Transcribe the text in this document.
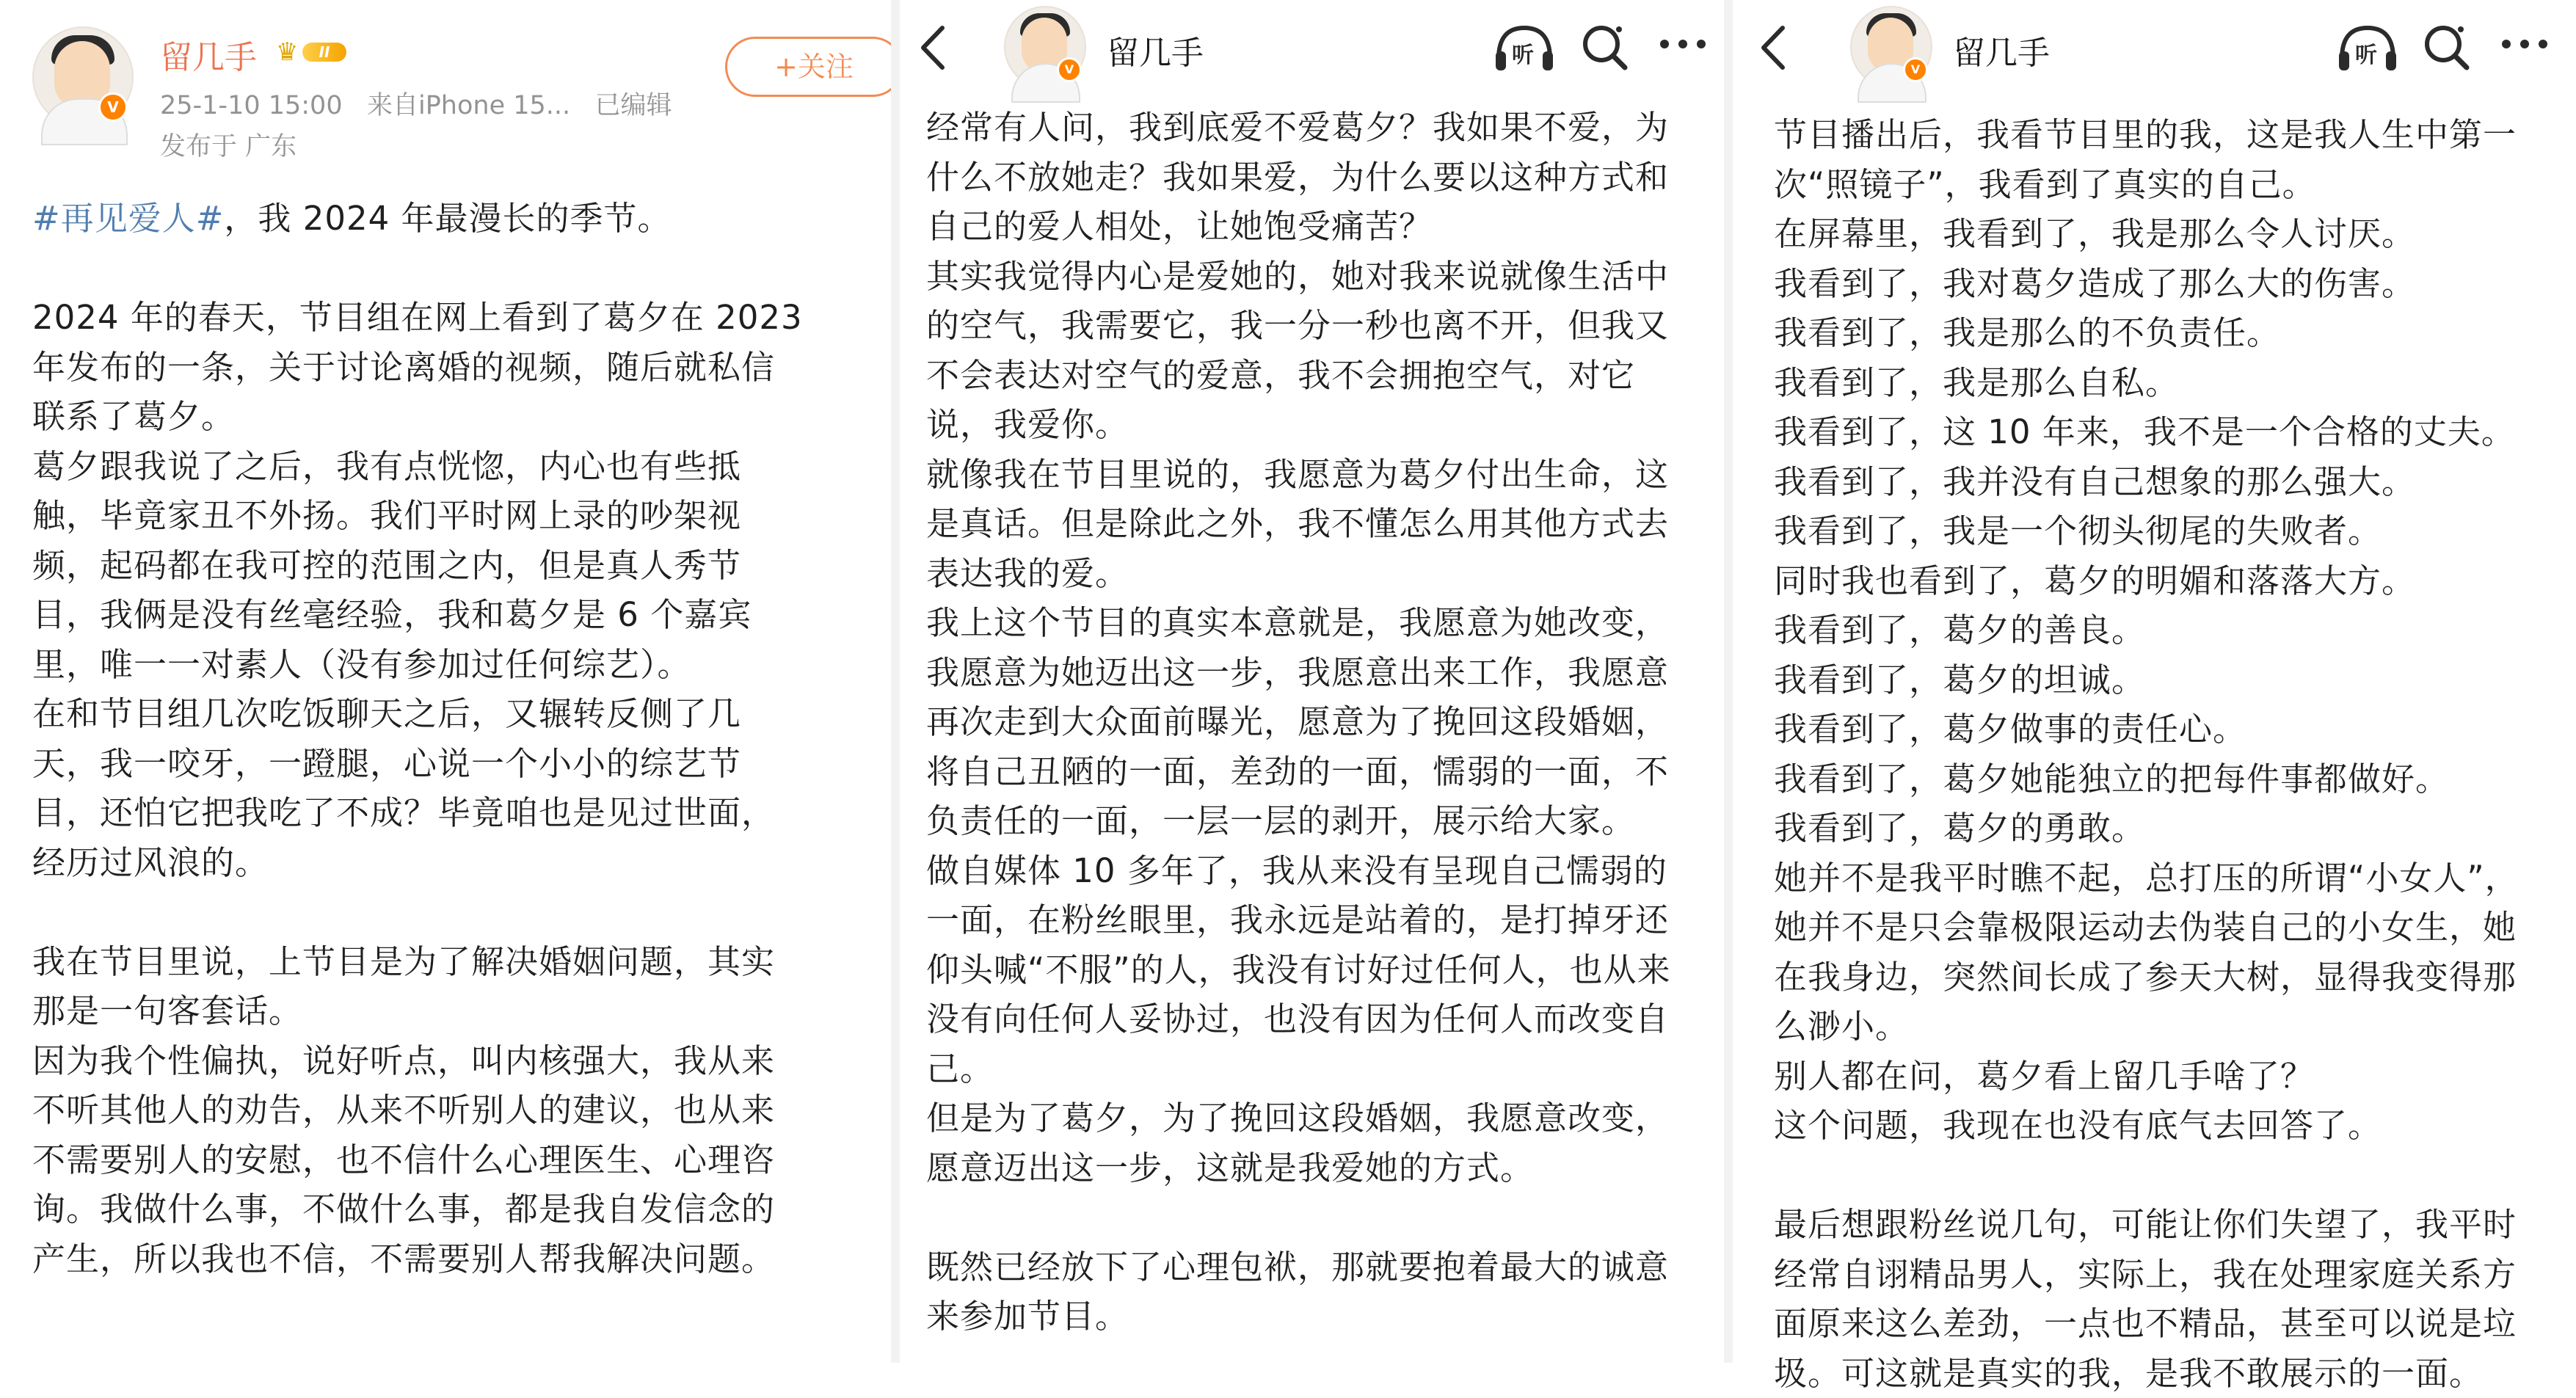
V
留几手 ♛	II
25-1-10 15:00   来自iPhone 15...   已编辑
发布于 广东
+关注

#再见爱人#，我 2024 年最漫长的季节。

2024 年的春天，节目组在网上看到了葛夕在 2023

年发布的一条，关于讨论离婚的视频，随后就私信

联系了葛夕。

葛夕跟我说了之后，我有点恍惚，内心也有些抵

触，毕竟家丑不外扬。我们平时网上录的吵架视

频，起码都在我可控的范围之内，但是真人秀节

目，我俩是没有丝毫经验，我和葛夕是 6 个嘉宾

里，唯一一对素人（没有参加过任何综艺）。

在和节目组几次吃饭聊天之后，又辗转反侧了几

天，我一咬牙，一蹬腿，心说一个小小的综艺节

目，还怕它把我吃了不成？毕竟咱也是见过世面，

经历过风浪的。

我在节目里说，上节目是为了解决婚姻问题，其实

那是一句客套话。

因为我个性偏执，说好听点，叫内核强大，我从来

不听其他人的劝告，从来不听别人的建议，也从来

不需要别人的安慰，也不信什么心理医生、心理咨

询。我做什么事，不做什么事，都是我自发信念的

产生，所以我也不信，不需要别人帮我解决问题。

V 留几手	听

经常有人问，我到底爱不爱葛夕？我如果不爱，为

什么不放她走？我如果爱，为什么要以这种方式和

自己的爱人相处，让她饱受痛苦？

其实我觉得内心是爱她的，她对我来说就像生活中

的空气，我需要它，我一分一秒也离不开，但我又

不会表达对空气的爱意，我不会拥抱空气，对它

说，我爱你。

就像我在节目里说的，我愿意为葛夕付出生命，这

是真话。但是除此之外，我不懂怎么用其他方式去

表达我的爱。

我上这个节目的真实本意就是，我愿意为她改变，

我愿意为她迈出这一步，我愿意出来工作，我愿意

再次走到大众面前曝光，愿意为了挽回这段婚姻，

将自己丑陋的一面，差劲的一面，懦弱的一面，不

负责任的一面，一层一层的剥开，展示给大家。

做自媒体 10 多年了，我从来没有呈现自己懦弱的

一面，在粉丝眼里，我永远是站着的，是打掉牙还

仰头喊“不服”的人，我没有讨好过任何人，也从来

没有向任何人妥协过，也没有因为任何人而改变自

己。

但是为了葛夕，为了挽回这段婚姻，我愿意改变，

愿意迈出这一步，这就是我爱她的方式。

既然已经放下了心理包袱，那就要抱着最大的诚意

来参加节目。

V 留几手	听

节目播出后，我看节目里的我，这是我人生中第一

次“照镜子”，我看到了真实的自己。

在屏幕里，我看到了，我是那么令人讨厌。

我看到了，我对葛夕造成了那么大的伤害。

我看到了，我是那么的不负责任。

我看到了，我是那么自私。

我看到了，这 10 年来，我不是一个合格的丈夫。

我看到了，我并没有自己想象的那么强大。

我看到了，我是一个彻头彻尾的失败者。

同时我也看到了，葛夕的明媚和落落大方。

我看到了，葛夕的善良。

我看到了，葛夕的坦诚。

我看到了，葛夕做事的责任心。

我看到了，葛夕她能独立的把每件事都做好。

我看到了，葛夕的勇敢。

她并不是我平时瞧不起，总打压的所谓“小女人”，

她并不是只会靠极限运动去伪装自己的小女生，她

在我身边，突然间长成了参天大树，显得我变得那

么渺小。

别人都在问，葛夕看上留几手啥了？

这个问题，我现在也没有底气去回答了。

最后想跟粉丝说几句，可能让你们失望了，我平时

经常自诩精品男人，实际上，我在处理家庭关系方

面原来这么差劲，一点也不精品，甚至可以说是垃

圾。可这就是真实的我，是我不敢展示的一面。
